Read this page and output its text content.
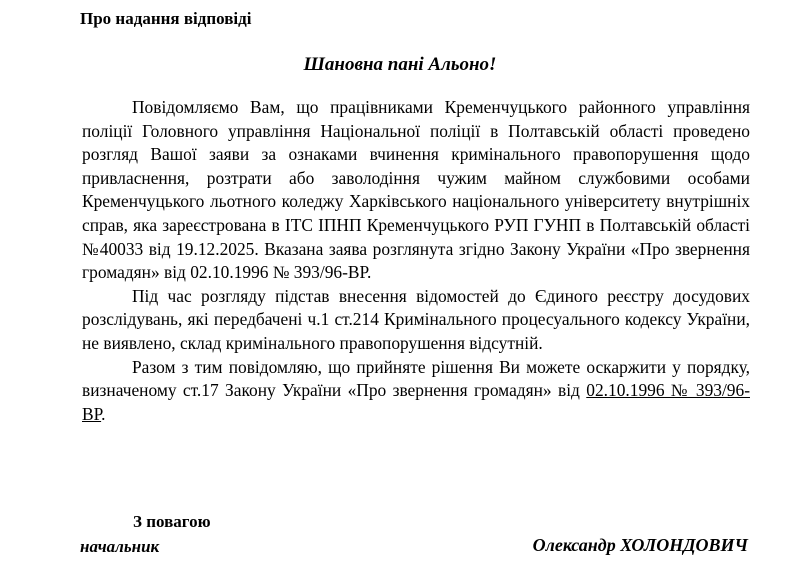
Про надання відповіді
Шановна пані Альоно!

Повідомляємо Вам, що працівниками Кременчуцького районного управління поліції Головного управління Національної поліції в Полтавській області проведено розгляд Вашої заяви за ознаками вчинення кримінального правопорушення щодо привласнення, розтрати або заволодіння чужим майном службовими особами Кременчуцького льотного коледжу Харківського національного університету внутрішніх справ, яка зареєстрована в ІТС ІПНП Кременчуцького РУП ГУНП в Полтавській області №40033 від 19.12.2025. Вказана заява розглянута згідно Закону України «Про звернення громадян» від 02.10.1996 № 393/96-ВР.

Під час розгляду підстав внесення відомостей до Єдиного реєстру досудових розслідувань, які передбачені ч.1 ст.214 Кримінального процесуального кодексу України, не виявлено, склад кримінального правопорушення відсутній.

Разом з тим повідомляю, що прийняте рішення Ви можете оскаржити у порядку, визначеному ст.17 Закону України «Про звернення громадян» від 02.10.1996 № 393/96-ВР.

З повагою
начальник	Олександр ХОЛОНДОВИЧ
